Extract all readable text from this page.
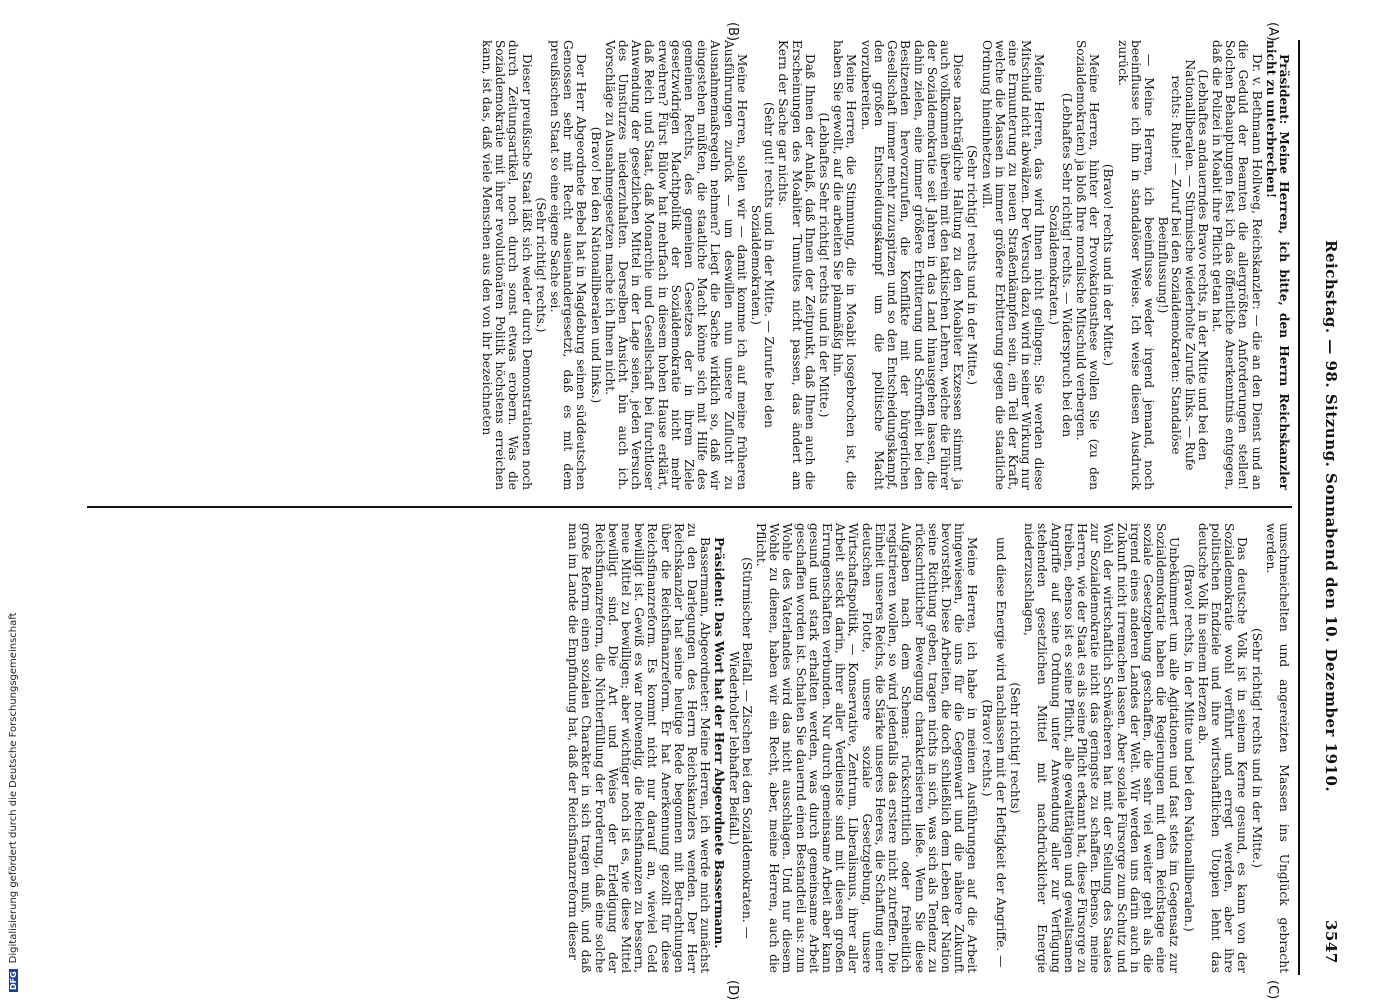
Reichstag. — 98. Sitzung. Sonnabend den 10. Dezember 1910.
3547
(A)
(B)
(C)
(D)

Präsident: Meine Herren, ich bitte, den Herrn Reichskanzler nicht zu unterbrechen!

Dr. v. Bethmann Hollweg, Reichskanzler: — die an den Dienst und an die Geduld der Beamten die allergrößten Anforderungen stellen! Solchen Behauptungen fest ich das öffentliche Anerkenntnis entgegen, daß die Polizei in Moabit ihre Pflicht getan hat.

(Lebhaftes andauerndes Bravo rechts, in der Mitte und bei den Nationalliberalen. — Stürmische wiederholte Zurufe links. — Rufe rechts: Ruhe! — Zuruf bei den Sozialdemokraten: Standalöse Beeinflussung!)

— Meine Herren, ich beeinflusse weder irgend jemand, noch beeinflusse ich ihn in standalöser Weise. Ich weise diesen Ausdruck zurück.

(Bravo! rechts und in der Mitte.)

Meine Herren, hinter der Provokationsthese wollen Sie (zu den Sozialdemokraten) ja bloß Ihre moralische Mitschuld verbergen.

(Lebhaftes Sehr richtig! rechts. — Widerspruch bei den Sozialdemokraten.)

Meine Herren, das wird Ihnen nicht gelingen; Sie werden diese Mitschuld nicht abwälzen. Der Versuch dazu wird in seiner Wirkung nur eine Ermunterung zu neuen Straßenkämpfen sein, ein Teil der Kraft, welche die Massen in immer größere Erbitterung gegen die staatliche Ordnung hineinhetzen will.

(Sehr richtig! rechts und in der Mitte.)

Diese nachträgliche Haltung zu den Moabiter Exzessen stimmt ja auch vollkommen überein mit den taktischen Lehren, welche die Führer der Sozialdemokratie seit Jahren in das Land hinausgehen lassen, die dahin zielen, eine immer größere Erbitterung und Schroffheit bei den Besitzenden hervorzurufen, die Konflikte mit der bürgerlichen Gesellschaft immer mehr zuzuspitzen und so den Entscheidungskampf, den großen Entscheidungskampf um die politische Macht vorzubereiten.

Meine Herren, die Stimmung, die in Moabit losgebrochen ist, die haben Sie gewollt, auf die arbeiten Sie planmäßig hin.

(Lebhaftes Sehr richtig! rechts und in der Mitte.)

Daß Ihnen der Anlaß, daß Ihnen der Zeitpunkt, daß Ihnen auch die Erscheinungen des Moabiter Tumultes nicht passen, das ändert am Kern der Sache gar nichts.

(Sehr gut! rechts und in der Mitte. — Zurufe bei den Sozialdemokraten.)

Meine Herren, sollen wir — damit komme ich auf meine früheren Ausführungen zurück — um deswillen nun unsere Zuflucht zu Ausnahmemaßregeln nehmen? Liegt die Sache wirklich so, daß wir eingestehen müßten, die staatliche Macht könne sich mit Hilfe des gemeinen Rechts, des gemeinen Gesetzes der in ihrem Ziele gesetzwidrigen Machtpolitik der Sozialdemokratie nicht mehr erwehren? Fürst Bülow hat mehrfach in diesem hohen Hause erklärt, daß Reich und Staat, daß Monarchie und Gesellschaft bei furchtloser Anwendung der gesetzlichen Mittel in der Lage seien, jeden Versuch des Umsturzes niederzuhalten. Derselben Ansicht bin auch ich. Vorschläge zu Ausnahmegesetzen mache ich Ihnen nicht.

(Bravo! bei den Nationalliberalen und links.)

Der Herr Abgeordnete Bebel hat in Magdeburg seinen süddeutschen Genossen sehr mit Recht auseinandergesetzt, daß es mit dem preußischen Staat so eine eigene Sache sei.

(Sehr richtig! rechts.)

Dieser preußische Staat läßt sich weder durch Demonstrationen noch durch Zeitungsartikel, noch durch sonst etwas erobern. Was die Sozialdemokratie mit ihrer revolutionären Politik höchstens erreichen kann, ist das, daß viele Menschen aus den von ihr bezeichneten

umschmeichelten und angereizten Massen ins Unglück gebracht werden.

(Sehr richtig! rechts und in der Mitte.)

Das deutsche Volk ist in seinem Kerne gesund, es kann von der Sozialdemokratie wohl verführt und erregt werden, aber ihre politischen Endziele und ihre wirtschaftlichen Utopien lehnt das deutsche Volk in seinem Herzen ab.

(Bravo! rechts, in der Mitte und bei den Nationalliberalen.)

Unbekümmert um alle Agitationen und fast stets im Gegensatz zur Sozialdemokratie haben die Regierungen mit dem Reichstage eine soziale Gesetzgebung geschaffen, die sehr viel weiter geht als die irgend eines anderen Landes der Welt. Wir werden uns darin auch in Zukunft nicht irremachen lassen. Aber soziale Fürsorge zum Schutz und Wohl der wirtschaftlich Schwächeren hat mit der Stellung des Staates zur Sozialdemokratie nicht das geringste zu schaffen. Ebenso, meine Herren, wie der Staat es als seine Pflicht erkannt hat, diese Fürsorge zu treiben, ebenso ist es seine Pflicht, alle gewalttätigen und gewaltsamen Angriffe auf seine Ordnung unter Anwendung aller zur Verfügung stehenden gesetzlichen Mittel mit nachdrücklicher Energie niederzuschlagen,

(Sehr richtig! rechts)

und diese Energie wird nachlassen mit der Heftigkeit der Angriffe. —

(Bravo! rechts.)

Meine Herren, ich habe in meinen Ausführungen auf die Arbeit hingewiesen, die uns für die Gegenwart und die nähere Zukunft bevorsteht. Diese Arbeiten, die doch schließlich dem Leben der Nation seine Richtung geben, tragen nichts in sich, was sich als Tendenz zu rückschrittlicher Bewegung charakterisieren ließe. Wenn Sie diese Aufgaben nach dem Schema: rückschrittlich oder freiheitlich registrieren wollen, so wird jedenfalls das erstere nicht zutreffen. Die Einheit unseres Reichs, die Stärke unseres Heeres, die Schaffung einer deutschen Flotte, unsere soziale Gesetzgebung, unsere Wirtschaftspolitik, — Konservative, Zentrum, Liberalismus, ihrer aller Arbeit steckt darin, ihrer aller Verdienste sind mit diesen großen Errungenschaften verbunden. Nur durch gemeinsame Arbeit aber kann gesund und stark erhalten werden, was durch gemeinsame Arbeit geschaffen worden ist. Schalten Sie dauernd einen Bestandteil aus: zum Wohle des Vaterlandes wird das nicht ausschlagen. Und nur diesem Wohle zu dienen, haben wir ein Recht, aber, meine Herren, auch die Pflicht.

(Stürmischer Beifall. — Zischen bei den Sozialdemokraten. — Wiederholter lebhafter Beifall.)

Präsident: Das Wort hat der Herr Abgeordnete Bassermann.

Bassermann, Abgeordneter: Meine Herren, ich werde mich zunächst zu den Darlegungen des Herrn Reichskanzlers wenden. Der Herr Reichskanzler hat seine heutige Rede begonnen mit Betrachtungen über die Reichsfinanzreform. Er hat Anerkennung gezollt für diese Reichsfinanzreform. Es kommt nicht nur darauf an, wieviel Geld bewilligt ist. Gewiß es war notwendig, die Reichsfinanzen zu bessern, neue Mittel zu bewilligen; aber wichtiger noch ist es, wie diese Mittel bewilligt sind. Die Art und Weise der Erledigung der Reichsfinanzreform, die Nichterfüllung der Forderung, daß eine solche große Reform einen sozialen Charakter in sich tragen muß, und daß man im Lande die Empfindung hat, daß der Reichsfinanzreform dieser

DFGDigitalisierung gefördert durch die Deutsche Forschungsgemeinschaft
